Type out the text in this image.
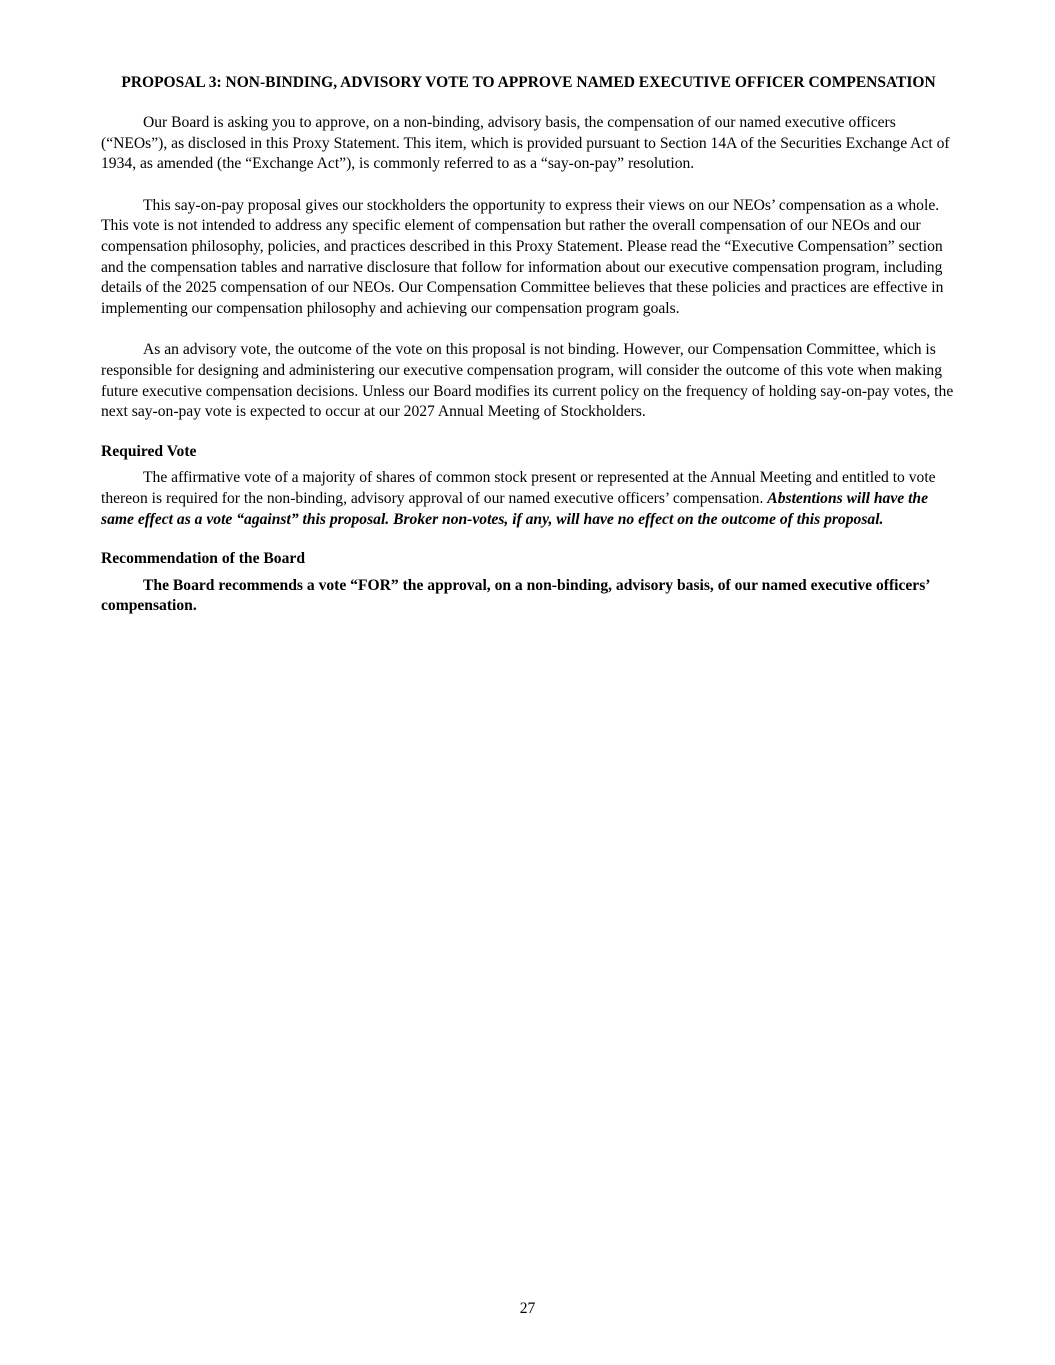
PROPOSAL 3: NON-BINDING, ADVISORY VOTE TO APPROVE NAMED EXECUTIVE OFFICER COMPENSATION

Our Board is asking you to approve, on a non-binding, advisory basis, the compensation of our named executive officers (“NEOs”), as disclosed in this Proxy Statement. This item, which is provided pursuant to Section 14A of the Securities Exchange Act of 1934, as amended (the “Exchange Act”), is commonly referred to as a “say-on-pay” resolution.

This say-on-pay proposal gives our stockholders the opportunity to express their views on our NEOs’ compensation as a whole. This vote is not intended to address any specific element of compensation but rather the overall compensation of our NEOs and our compensation philosophy, policies, and practices described in this Proxy Statement. Please read the “Executive Compensation” section and the compensation tables and narrative disclosure that follow for information about our executive compensation program, including details of the 2025 compensation of our NEOs. Our Compensation Committee believes that these policies and practices are effective in implementing our compensation philosophy and achieving our compensation program goals.

As an advisory vote, the outcome of the vote on this proposal is not binding. However, our Compensation Committee, which is responsible for designing and administering our executive compensation program, will consider the outcome of this vote when making future executive compensation decisions. Unless our Board modifies its current policy on the frequency of holding say-on-pay votes, the next say-on-pay vote is expected to occur at our 2027 Annual Meeting of Stockholders.

Required Vote

The affirmative vote of a majority of shares of common stock present or represented at the Annual Meeting and entitled to vote thereon is required for the non-binding, advisory approval of our named executive officers’ compensation. Abstentions will have the same effect as a vote “against” this proposal. Broker non-votes, if any, will have no effect on the outcome of this proposal.

Recommendation of the Board

The Board recommends a vote “FOR” the approval, on a non-binding, advisory basis, of our named executive officers’ compensation.

27
